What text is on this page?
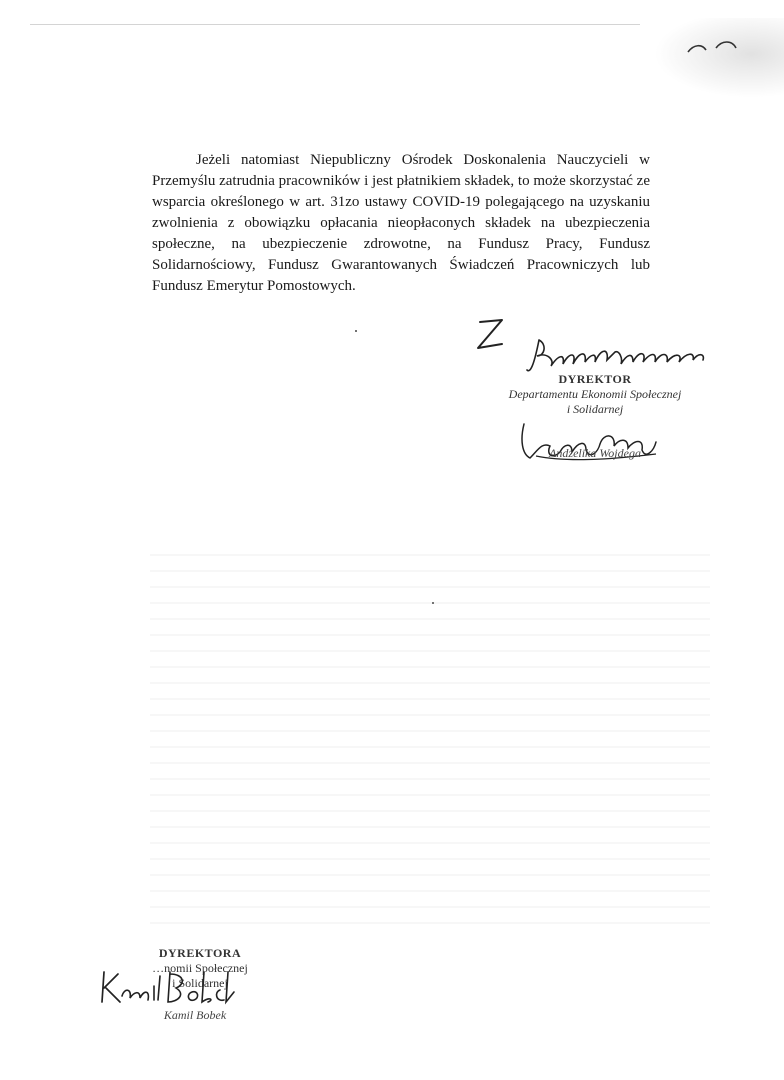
Jeżeli natomiast Niepubliczny Ośrodek Doskonalenia Nauczycieli w Przemyślu zatrudnia pracowników i jest płatnikiem składek, to może skorzystać ze wsparcia określonego w art. 31zo ustawy COVID-19 polegającego na uzyskaniu zwolnienia z obowiązku opłacania nieopłaconych składek na ubezpieczenia społeczne, na ubezpieczenie zdrowotne, na Fundusz Pracy, Fundusz Solidarnościowy, Fundusz Gwarantowanych Świadczeń Pracowniczych lub Fundusz Emerytur Pomostowych.

DYREKTOR
Departamentu Ekonomii Społecznej
i Solidarnej
Andżelika Wojdega
DYREKTORA
…nomii Społecznej
i Solidarnej
Kamil Bobek
